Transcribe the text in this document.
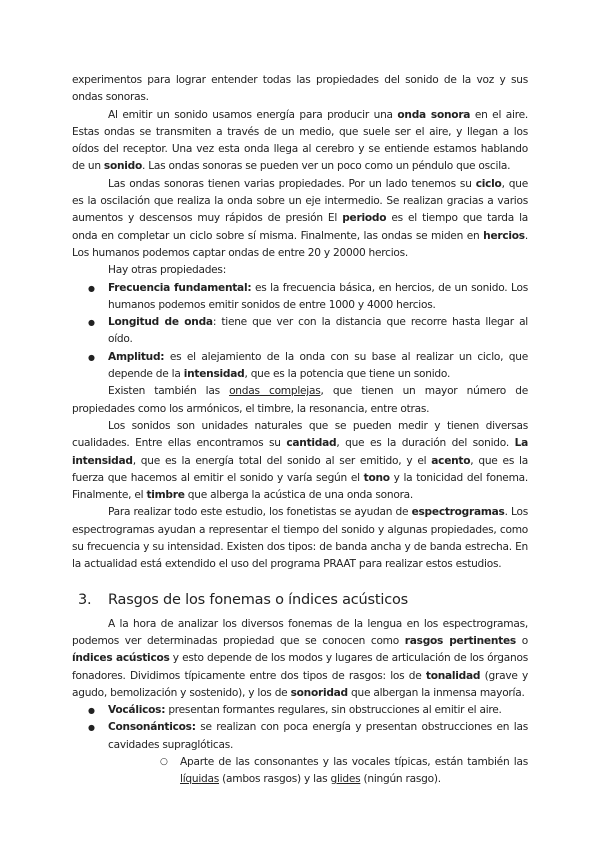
experimentos para lograr entender todas las propiedades del sonido de la voz y sus ondas sonoras.

Al emitir un sonido usamos energía para producir una onda sonora en el aire. Estas ondas se transmiten a través de un medio, que suele ser el aire, y llegan a los oídos del receptor. Una vez esta onda llega al cerebro y se entiende estamos hablando de un sonido. Las ondas sonoras se pueden ver un poco como un péndulo que oscila.

Las ondas sonoras tienen varias propiedades. Por un lado tenemos su ciclo, que es la oscilación que realiza la onda sobre un eje intermedio. Se realizan gracias a varios aumentos y descensos muy rápidos de presión El periodo es el tiempo que tarda la onda en completar un ciclo sobre sí misma. Finalmente, las ondas se miden en hercios. Los humanos podemos captar ondas de entre 20 y 20000 hercios.

Hay otras propiedades:

● Frecuencia fundamental: es la frecuencia básica, en hercios, de un sonido. Los humanos podemos emitir sonidos de entre 1000 y 4000 hercios.
● Longitud de onda: tiene que ver con la distancia que recorre hasta llegar al oído.
● Amplitud: es el alejamiento de la onda con su base al realizar un ciclo, que depende de la intensidad, que es la potencia que tiene un sonido.

Existen también las ondas complejas, que tienen un mayor número de propiedades como los armónicos, el timbre, la resonancia, entre otras.

Los sonidos son unidades naturales que se pueden medir y tienen diversas cualidades. Entre ellas encontramos su cantidad, que es la duración del sonido. La intensidad, que es la energía total del sonido al ser emitido, y el acento, que es la fuerza que hacemos al emitir el sonido y varía según el tono y la tonicidad del fonema. Finalmente, el timbre que alberga la acústica de una onda sonora.

Para realizar todo este estudio, los fonetistas se ayudan de espectrogramas. Los espectrogramas ayudan a representar el tiempo del sonido y algunas propiedades, como su frecuencia y su intensidad. Existen dos tipos: de banda ancha y de banda estrecha. En la actualidad está extendido el uso del programa PRAAT para realizar estos estudios.

3.	Rasgos de los fonemas o índices acústicos

A la hora de analizar los diversos fonemas de la lengua en los espectrogramas, podemos ver determinadas propiedad que se conocen como rasgos pertinentes o índices acústicos y esto depende de los modos y lugares de articulación de los órganos fonadores. Dividimos típicamente entre dos tipos de rasgos: los de tonalidad (grave y agudo, bemolización y sostenido), y los de sonoridad que albergan la inmensa mayoría.

● Vocálicos: presentan formantes regulares, sin obstrucciones al emitir el aire.
● Consonánticos: se realizan con poca energía y presentan obstrucciones en las cavidades supraglóticas.
○ Aparte de las consonantes y las vocales típicas, están también las líquidas (ambos rasgos) y las glides (ningún rasgo).
